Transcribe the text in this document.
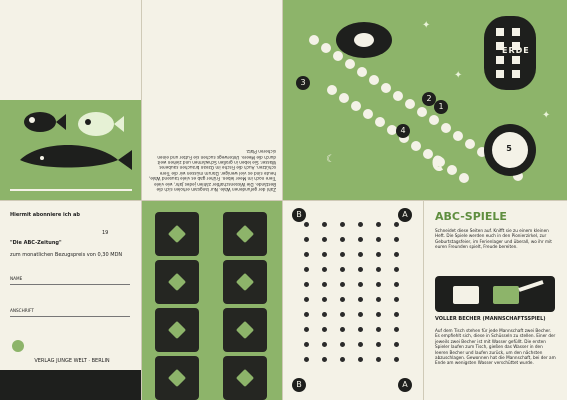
Zahl der gefundenen Wale. Nur langsam erholen sich die Bestände. Die Wissenschaftler zählen jedes Jahr, wie viele Tiere noch im Meer leben. Früher gab es viele tausend Wale, heute sind es viel weniger. Darum müssen wir die Tiere schützen. Auch die Fische im Ozean brauchen sauberes Wasser. Sie leben in großen Schwärmen und ziehen weit durch die Meere. Unterwegs suchen sie Futter und einen sicheren Platz.
1
2
3
4
5
ERDE
✦
✦
✦
☾
Hiermit abonniere ich ab
19
"Die ABC-Zeitung"
zum monatlichen Bezugspreis von 0,30 MDN
NAME
ANSCHRIFT
VERLAG JUNGE WELT · BERLIN
B	A
B	A
ABC-SPIELE
Schneidet diese Seiten auf. Knifft sie zu einem kleinen Heft. Die Spiele werden euch in den Pionierzirkel, zur Geburtstagsfeier, im Ferienlager und überall, wo ihr mit euren Freunden spielt, Freude bereiten.
VOLLER BECHER (MANNSCHAFTSSPIEL)
Auf dem Tisch stehen für jede Mannschaft zwei Becher. Es empfiehlt sich, diese in Schüsseln zu stellen. Einer der jeweils zwei Becher ist mit Wasser gefüllt. Die ersten Spieler laufen zum Tisch, gießen das Wasser in den leeren Becher und laufen zurück, um den nächsten abzuschlagen. Gewonnen hat die Mannschaft, bei der am Ende am wenigsten Wasser verschüttet wurde.
